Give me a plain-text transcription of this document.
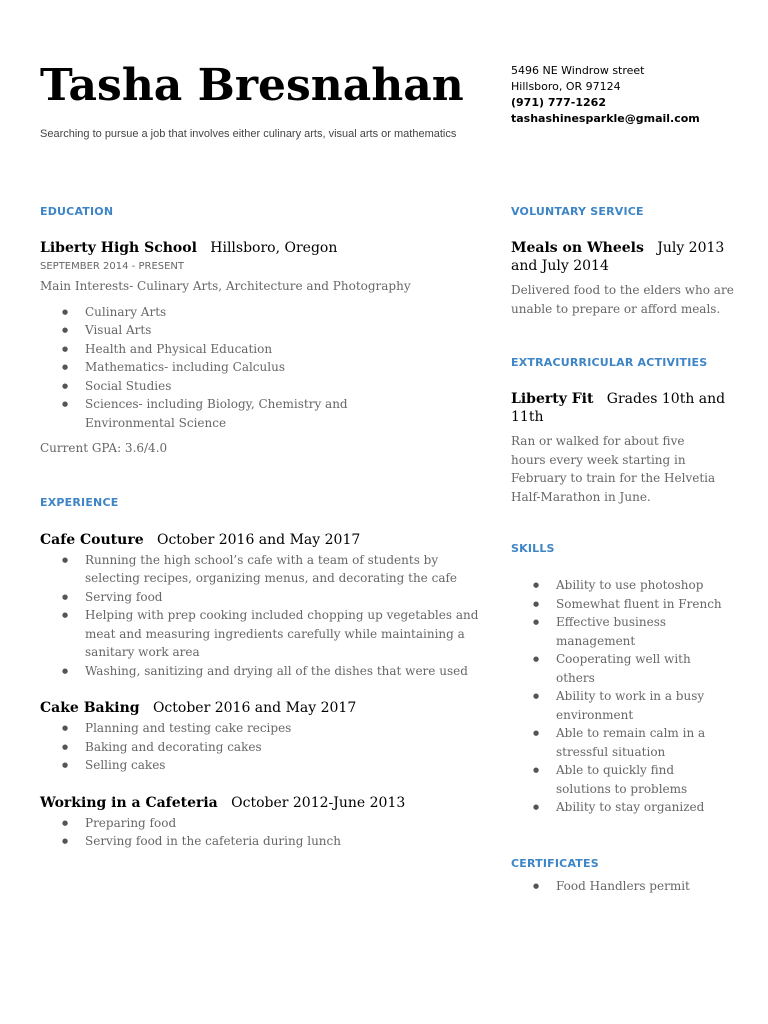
Tasha Bresnahan
Searching to pursue a job that involves either culinary arts, visual arts or mathematics
5496 NE Windrow street
Hillsboro, OR 97124
(971) 777-1262
tashashinesparkle@gmail.com
EDUCATION
Liberty High School Hillsboro, Oregon
SEPTEMBER 2014 - PRESENT

Main Interests- Culinary Arts, Architecture and Photography

● Culinary Arts
● Visual Arts
● Health and Physical Education
● Mathematics- including Calculus
● Social Studies
● Sciences- including Biology, Chemistry and Environmental Science

Current GPA: 3.6/4.0

EXPERIENCE
Cafe Couture October 2016 and May 2017
● Running the high school’s cafe with a team of students by selecting recipes, organizing menus, and decorating the cafe
● Serving food
● Helping with prep cooking included chopping up vegetables and meat and measuring ingredients carefully while maintaining a sanitary work area
● Washing, sanitizing and drying all of the dishes that were used
Cake Baking October 2016 and May 2017
● Planning and testing cake recipes
● Baking and decorating cakes
● Selling cakes
Working in a Cafeteria October 2012-June 2013
● Preparing food
● Serving food in the cafeteria during lunch
VOLUNTARY SERVICE
Meals on Wheels July 2013 and July 2014

Delivered food to the elders who are unable to prepare or afford meals.

EXTRACURRICULAR ACTIVITIES
Liberty Fit Grades 10th and 11th

Ran or walked for about five hours every week starting in February to train for the Helvetia Half-Marathon in June.

SKILLS
● Ability to use photoshop
● Somewhat fluent in French
● Effective business management
● Cooperating well with others
● Ability to work in a busy environment
● Able to remain calm in a stressful situation
● Able to quickly find solutions to problems
● Ability to stay organized
CERTIFICATES
● Food Handlers permit
